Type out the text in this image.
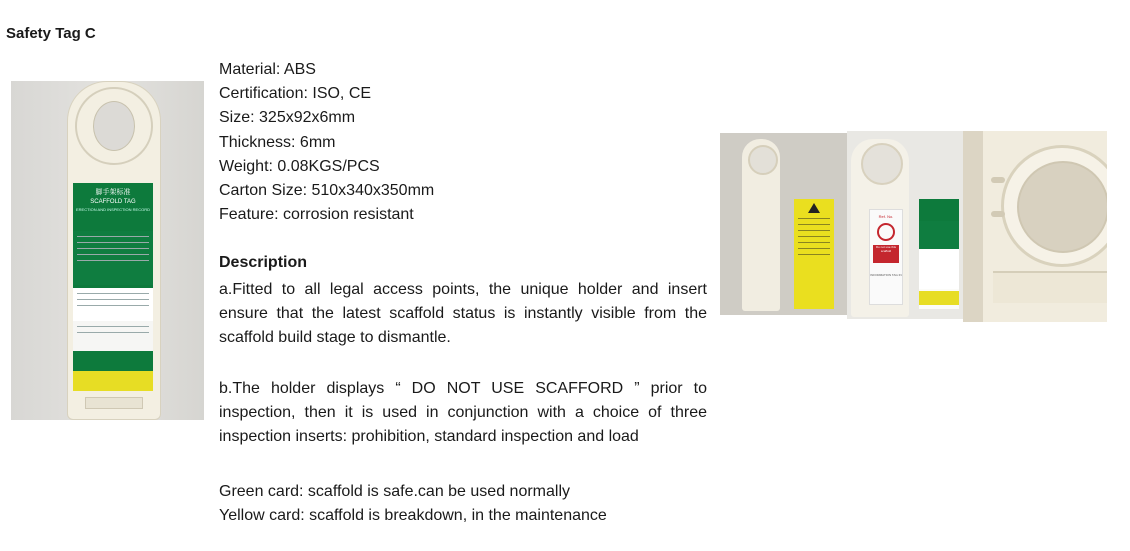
Safety Tag C
脚手架标准
SCAFFOLD TAG
ERECTION AND INSPECTION RECORD
Material: ABS
Certification: ISO, CE
Size: 325x92x6mm
Thickness: 6mm
Weight: 0.08KGS/PCS
Carton Size: 510x340x350mm
Feature: corrosion resistant
Description
a.Fitted to all legal access points, the unique holder and insert ensure that the latest scaffold status is instantly visible from the scaffold build stage to dismantle.
b.The holder displays “ DO NOT USE SCAFFORD ” prior to inspection, then it is used in conjunction with a choice of three inspection inserts: prohibition, standard inspection and load
Green card: scaffold is safe.can be used normally
Yellow card: scaffold is breakdown, in the maintenance
Ref. No.
Do not use this scaffold
INFORMATION TAG IN
